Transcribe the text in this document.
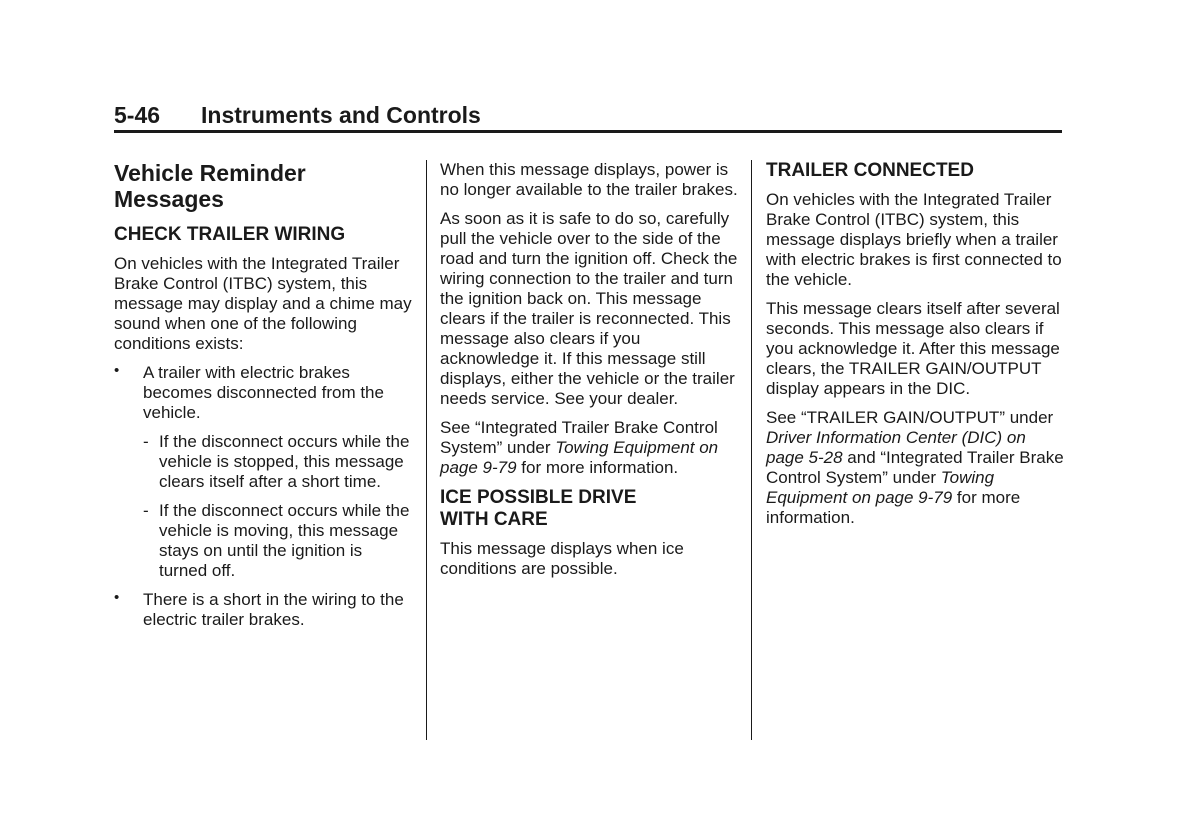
5-46 Instruments and Controls
Vehicle Reminder Messages
CHECK TRAILER WIRING

On vehicles with the Integrated Trailer Brake Control (ITBC) system, this message may display and a chime may sound when one of the following conditions exists:

• A trailer with electric brakes becomes disconnected from the vehicle.
- If the disconnect occurs while the vehicle is stopped, this message clears itself after a short time.
- If the disconnect occurs while the vehicle is moving, this message stays on until the ignition is turned off.
• There is a short in the wiring to the electric trailer brakes.

When this message displays, power is no longer available to the trailer brakes.

As soon as it is safe to do so, carefully pull the vehicle over to the side of the road and turn the ignition off. Check the wiring connection to the trailer and turn the ignition back on. This message clears if the trailer is reconnected. This message also clears if you acknowledge it. If this message still displays, either the vehicle or the trailer needs service. See your dealer.

See “Integrated Trailer Brake Control System” under Towing Equipment on page 9-79 for more information.

ICE POSSIBLE DRIVE
WITH CARE

This message displays when ice conditions are possible.

TRAILER CONNECTED

On vehicles with the Integrated Trailer Brake Control (ITBC) system, this message displays briefly when a trailer with electric brakes is first connected to the vehicle.

This message clears itself after several seconds. This message also clears if you acknowledge it. After this message clears, the TRAILER GAIN/OUTPUT display appears in the DIC.

See “TRAILER GAIN/OUTPUT” under Driver Information Center (DIC) on page 5-28 and “Integrated Trailer Brake Control System” under Towing Equipment on page 9-79 for more information.
